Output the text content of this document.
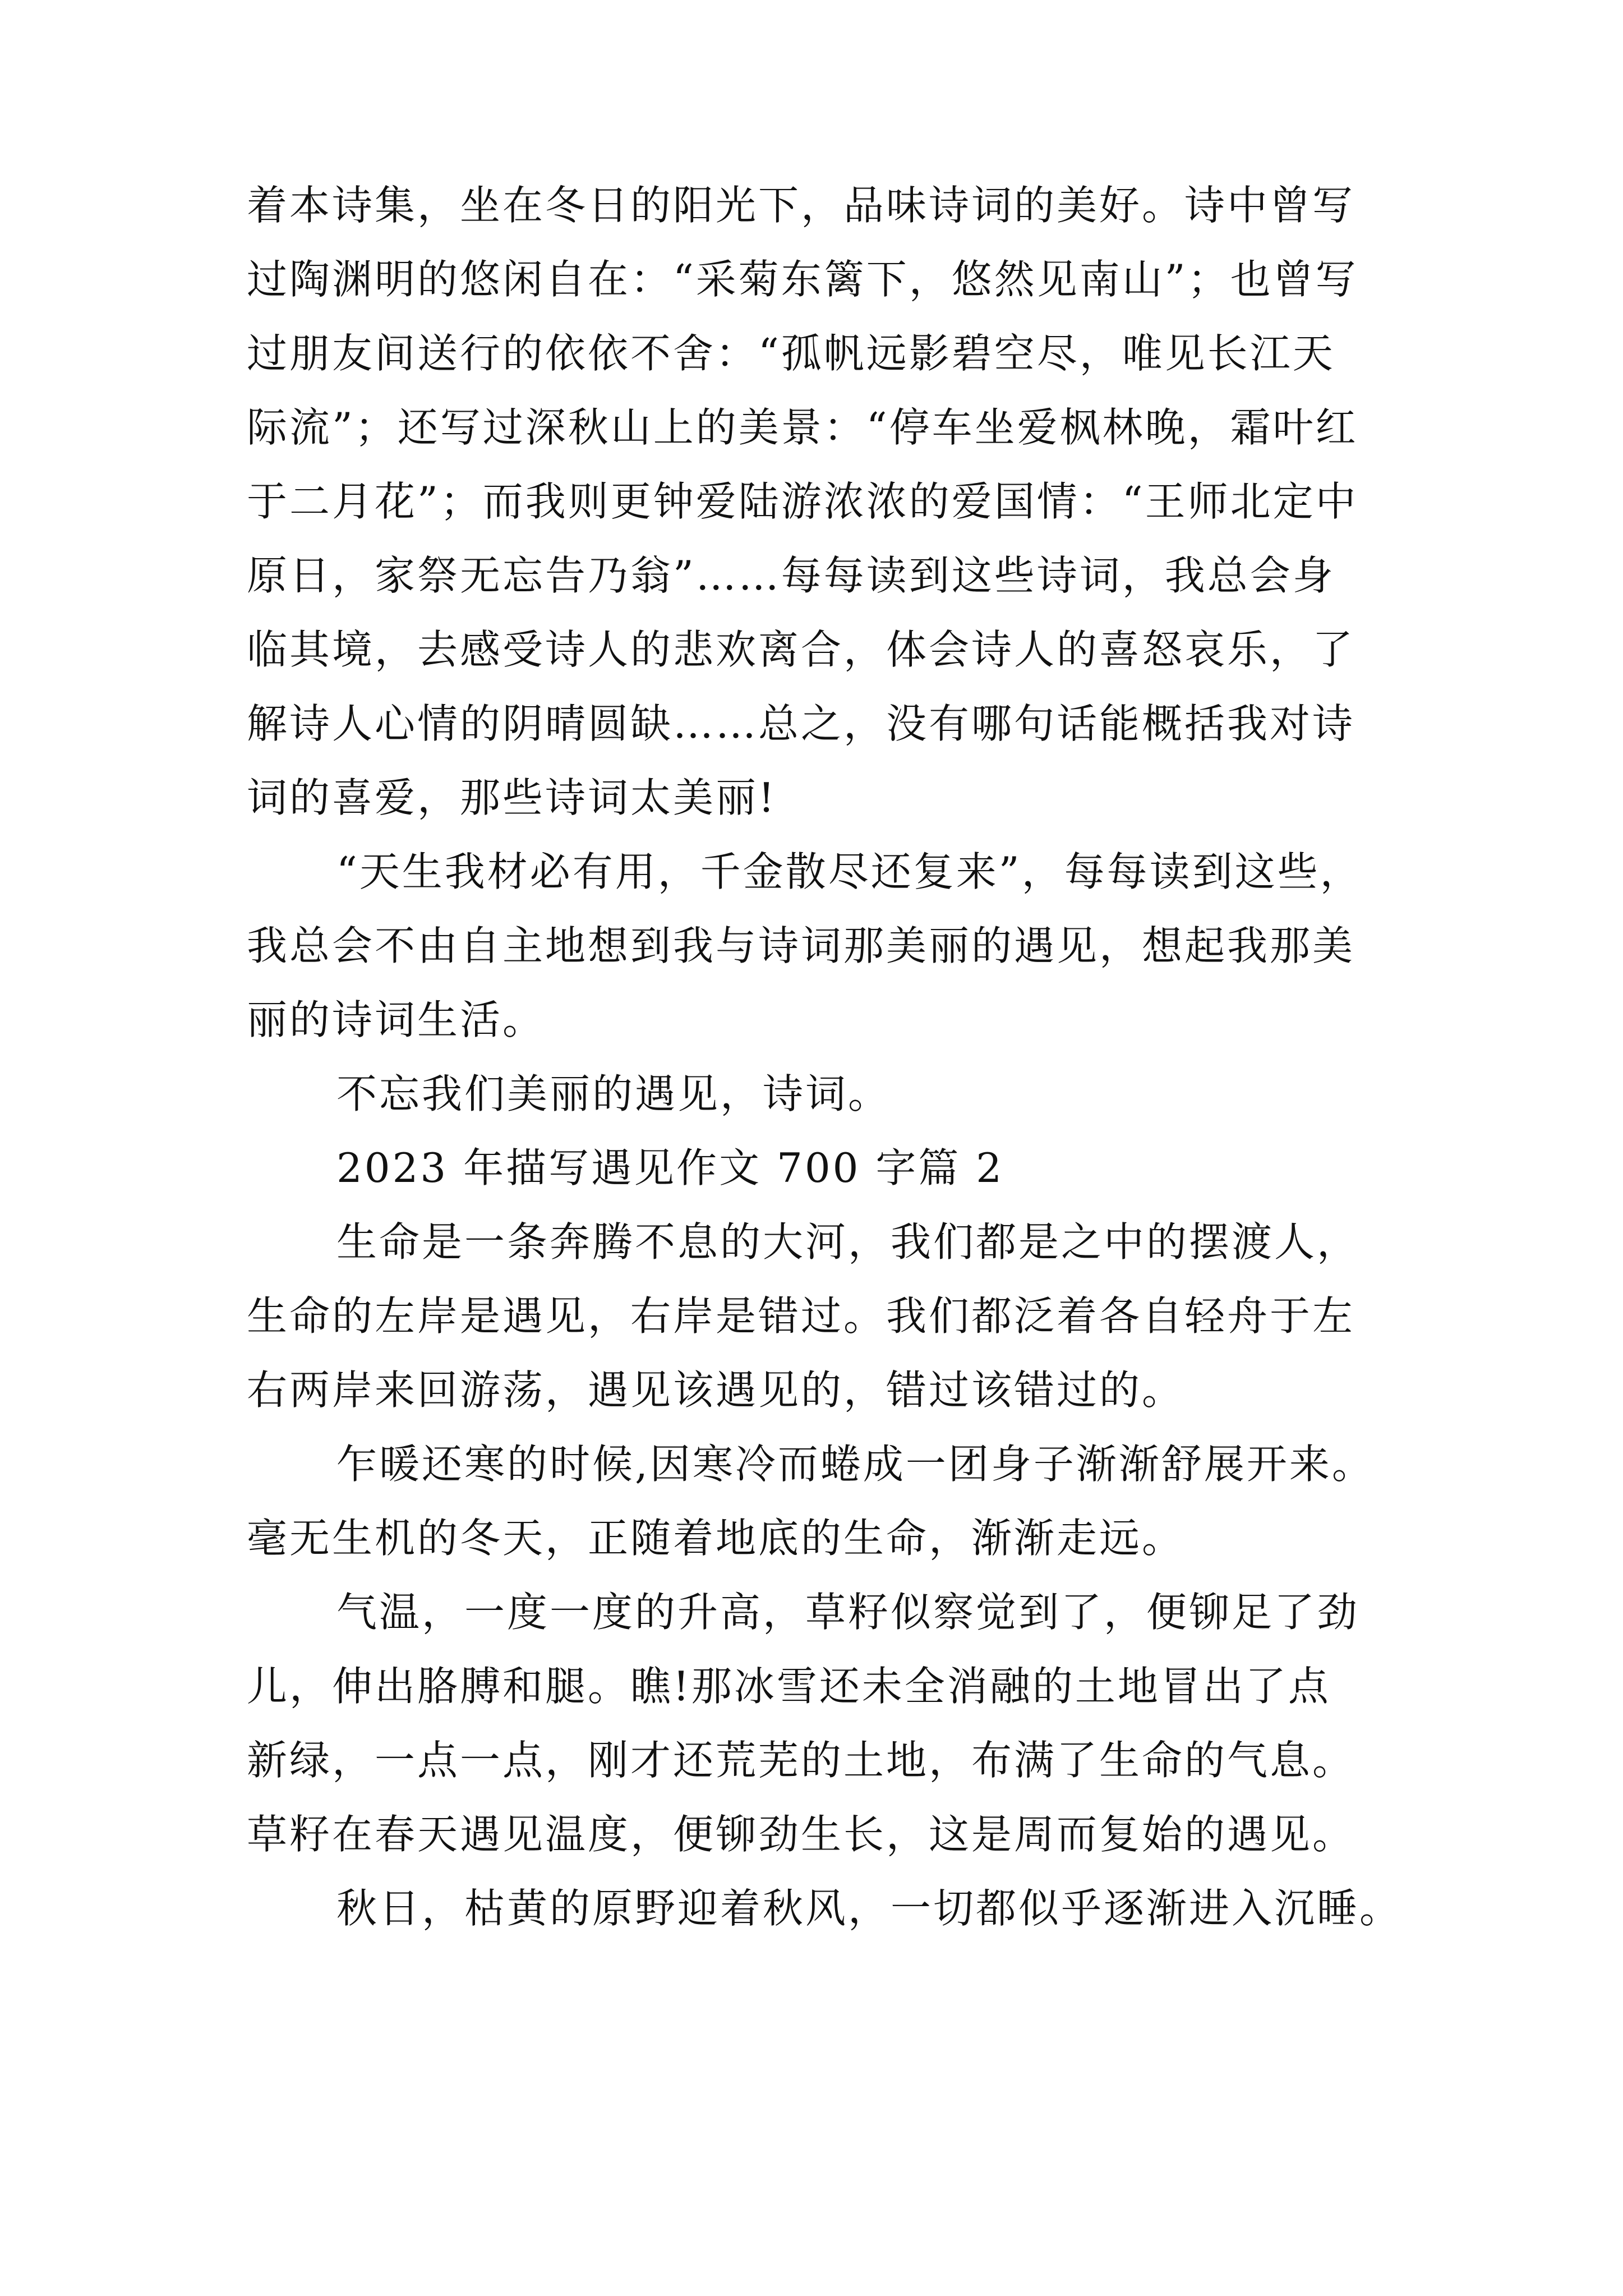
着本诗集，坐在冬日的阳光下，品味诗词的美好。诗中曾写
过陶渊明的悠闲自在：“采菊东篱下，悠然见南山”；也曾写
过朋友间送行的依依不舍：“孤帆远影碧空尽，唯见长江天
际流”；还写过深秋山上的美景：“停车坐爱枫林晚，霜叶红
于二月花”；而我则更钟爱陆游浓浓的爱国情：“王师北定中
原日，家祭无忘告乃翁”……每每读到这些诗词，我总会身
临其境，去感受诗人的悲欢离合，体会诗人的喜怒哀乐，了
解诗人心情的阴晴圆缺……总之，没有哪句话能概括我对诗
词的喜爱，那些诗词太美丽!

“天生我材必有用，千金散尽还复来”，每每读到这些，
我总会不由自主地想到我与诗词那美丽的遇见，想起我那美
丽的诗词生活。

不忘我们美丽的遇见，诗词。

2023 年描写遇见作文 700 字篇 2

生命是一条奔腾不息的大河，我们都是之中的摆渡人，
生命的左岸是遇见，右岸是错过。我们都泛着各自轻舟于左
右两岸来回游荡，遇见该遇见的，错过该错过的。

乍暖还寒的时候,因寒冷而蜷成一团身子渐渐舒展开来。
毫无生机的冬天，正随着地底的生命，渐渐走远。

气温，一度一度的升高，草籽似察觉到了，便铆足了劲
儿，伸出胳膊和腿。瞧!那冰雪还未全消融的土地冒出了点
新绿，一点一点，刚才还荒芜的土地，布满了生命的气息。
草籽在春天遇见温度，便铆劲生长，这是周而复始的遇见。

秋日，枯黄的原野迎着秋风，一切都似乎逐渐进入沉睡。
